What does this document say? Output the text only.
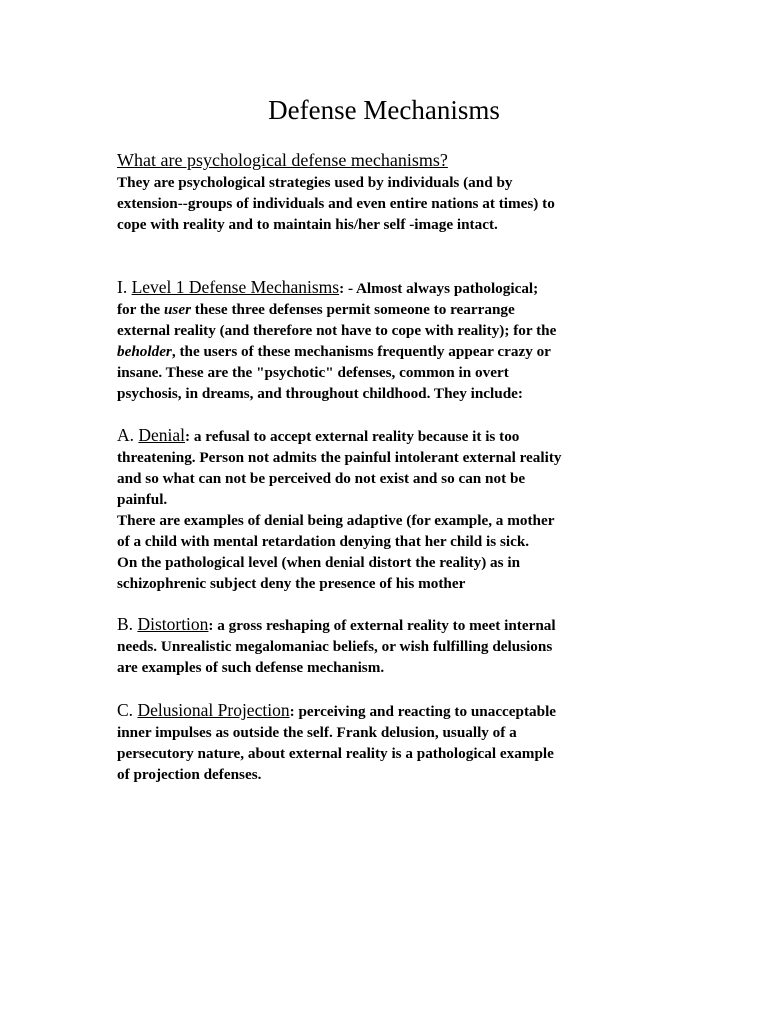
Defense Mechanisms

What are psychological defense mechanisms?

They are psychological strategies used by individuals (and by
extension--groups of individuals and even entire nations at times) to
cope with reality and to maintain his/her self -image intact.

I. Level 1 Defense Mechanisms: - Almost always pathological;
for the user these three defenses permit someone to rearrange
external reality (and therefore not have to cope with reality); for the
beholder, the users of these mechanisms frequently appear crazy or
insane. These are the "psychotic" defenses, common in overt
psychosis, in dreams, and throughout childhood. They include:

A. Denial: a refusal to accept external reality because it is too
threatening. Person not admits the painful intolerant external reality
and so what can not be perceived do not exist and so can not be
painful.

There are examples of denial being adaptive (for example, a mother
of a child with mental retardation denying that her child is sick.
On the pathological level (when denial distort the reality) as in
schizophrenic subject deny the presence of his mother

B. Distortion: a gross reshaping of external reality to meet internal
needs. Unrealistic megalomaniac beliefs, or wish fulfilling delusions
are examples of such defense mechanism.

C. Delusional Projection: perceiving and reacting to unacceptable
inner impulses as outside the self. Frank delusion, usually of a
persecutory nature, about external reality is a pathological example
of projection defenses.
